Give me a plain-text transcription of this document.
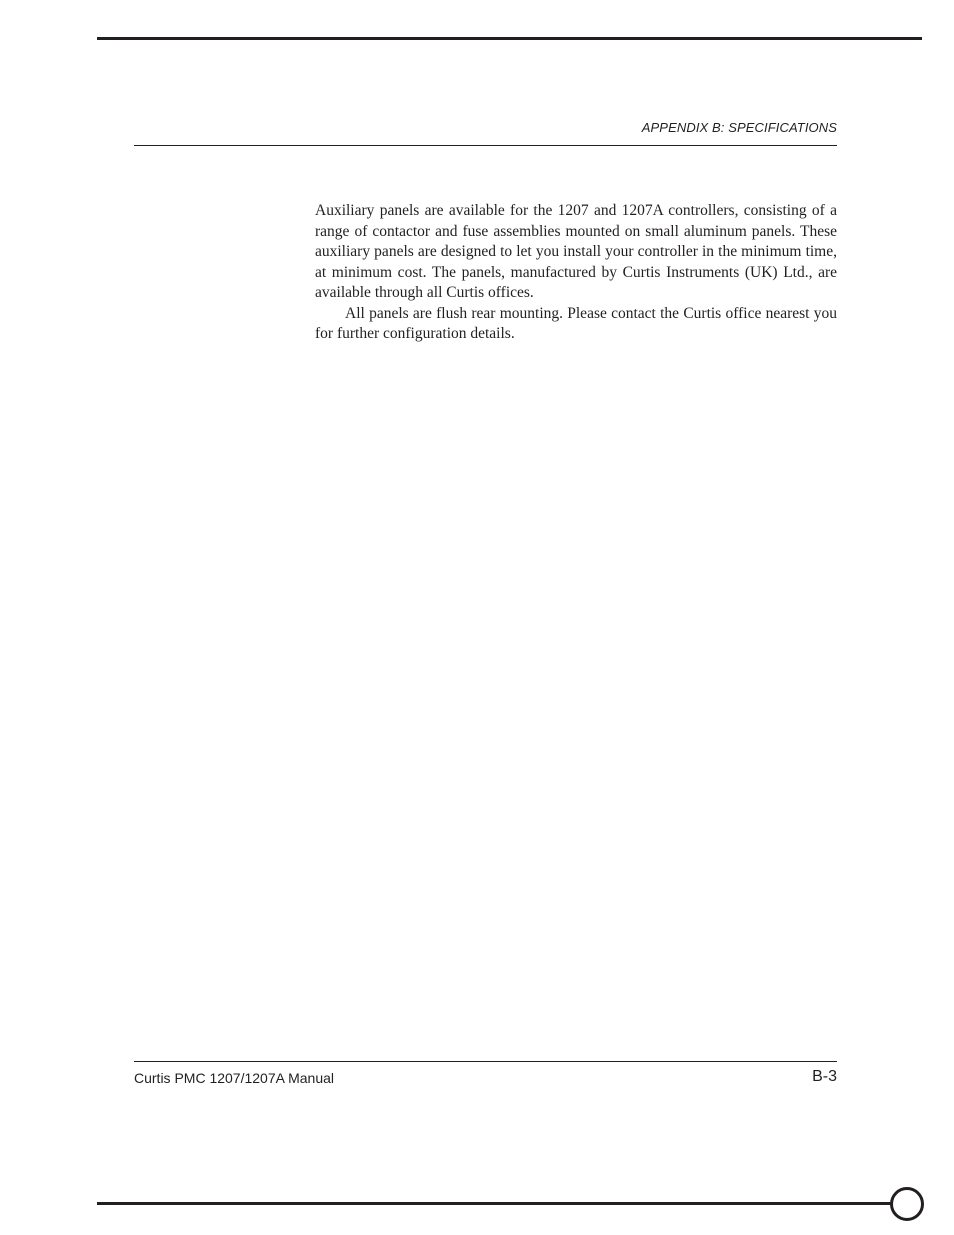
APPENDIX B: SPECIFICATIONS

Auxiliary panels are available for the 1207 and 1207A controllers, consisting of a range of contactor and fuse assemblies mounted on small aluminum panels. These auxiliary panels are designed to let you install your controller in the minimum time, at minimum cost. The panels, manufactured by Curtis Instruments (UK) Ltd., are available through all Curtis offices.

All panels are flush rear mounting. Please contact the Curtis office nearest you for further configuration details.

Curtis PMC 1207/1207A Manual	B-3
